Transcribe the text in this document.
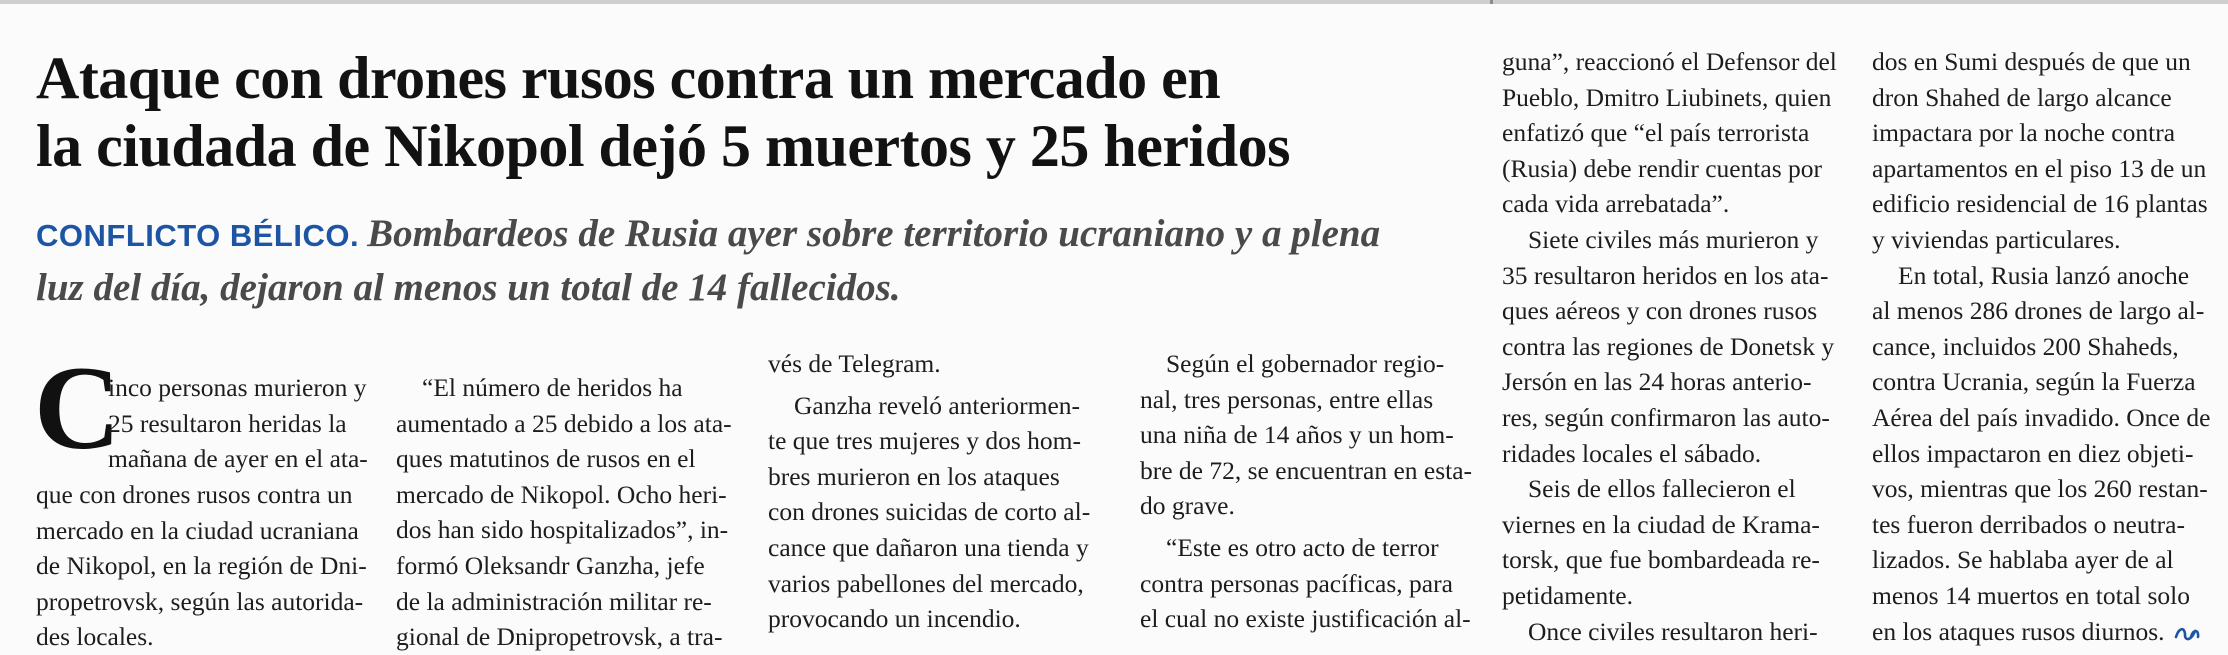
Ataque con drones rusos contra un mercado en
la ciudada de Nikopol dejó 5 muertos y 25 heridos
CONFLICTO BÉLICO. Bombardeos de Rusia ayer sobre territorio ucraniano y a plena
luz del día, dejaron al menos un total de 14 fallecidos.
C
inco personas murieron y
25 resultaron heridas la
mañana de ayer en el ata-
que con drones rusos contra un
mercado en la ciudad ucraniana
de Nikopol, en la región de Dni-
propetrovsk, según las autorida-
des locales.
“El número de heridos ha
aumentado a 25 debido a los ata-
ques matutinos de rusos en el
mercado de Nikopol. Ocho heri-
dos han sido hospitalizados”, in-
formó Oleksandr Ganzha, jefe
de la administración militar re-
gional de Dnipropetrovsk, a tra-
vés de Telegram.
Ganzha reveló anteriormen-
te que tres mujeres y dos hom-
bres murieron en los ataques
con drones suicidas de corto al-
cance que dañaron una tienda y
varios pabellones del mercado,
provocando un incendio.
Según el gobernador regio-
nal, tres personas, entre ellas
una niña de 14 años y un hom-
bre de 72, se encuentran en esta-
do grave.
“Este es otro acto de terror
contra personas pacíficas, para
el cual no existe justificación al-
guna”, reaccionó el Defensor del
Pueblo, Dmitro Liubinets, quien
enfatizó que “el país terrorista
(Rusia) debe rendir cuentas por
cada vida arrebatada”.
Siete civiles más murieron y
35 resultaron heridos en los ata-
ques aéreos y con drones rusos
contra las regiones de Donetsk y
Jersón en las 24 horas anterio-
res, según confirmaron las auto-
ridades locales el sábado.
Seis de ellos fallecieron el
viernes en la ciudad de Krama-
torsk, que fue bombardeada re-
petidamente.
Once civiles resultaron heri-
dos en Sumi después de que un
dron Shahed de largo alcance
impactara por la noche contra
apartamentos en el piso 13 de un
edificio residencial de 16 plantas
y viviendas particulares.
En total, Rusia lanzó anoche
al menos 286 drones de largo al-
cance, incluidos 200 Shaheds,
contra Ucrania, según la Fuerza
Aérea del país invadido. Once de
ellos impactaron en diez objeti-
vos, mientras que los 260 restan-
tes fueron derribados o neutra-
lizados. Se hablaba ayer de al
menos 14 muertos en total solo
en los ataques rusos diurnos.
